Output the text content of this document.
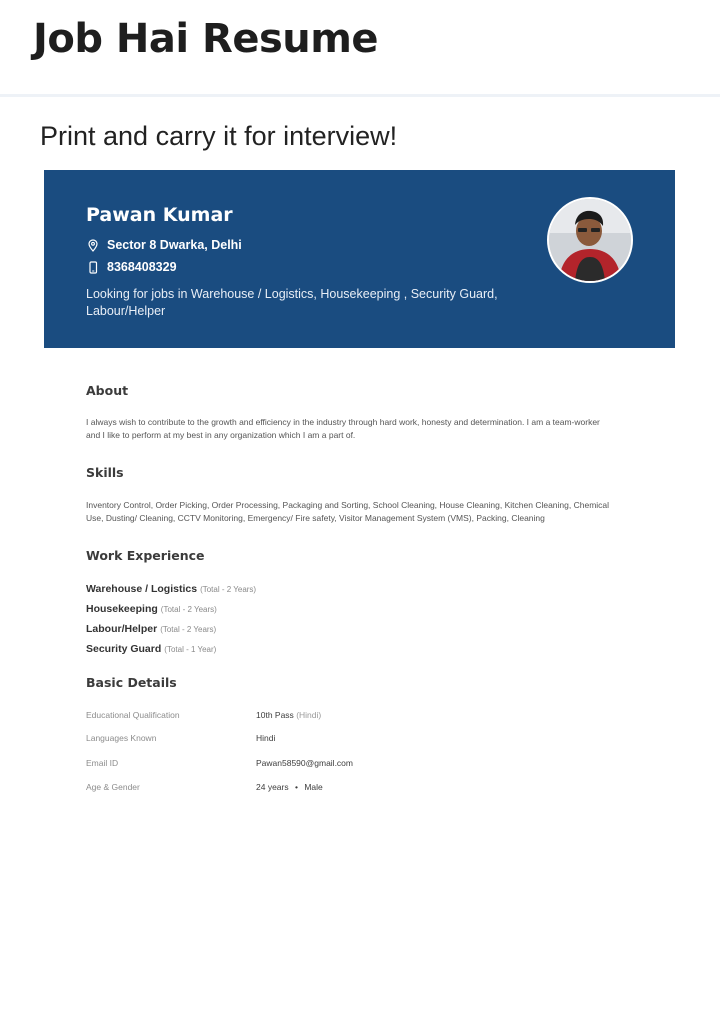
Job Hai Resume
Print and carry it for interview!
Pawan Kumar
Sector 8 Dwarka, Delhi
8368408329
Looking for jobs in Warehouse / Logistics, Housekeeping , Security Guard, Labour/Helper
About
I always wish to contribute to the growth and efficiency in the industry through hard work, honesty and determination. I am a team-worker and I like to perform at my best in any organization which I am a part of.
Skills
Inventory Control, Order Picking, Order Processing, Packaging and Sorting, School Cleaning, House Cleaning, Kitchen Cleaning, Chemical Use, Dusting/ Cleaning, CCTV Monitoring, Emergency/ Fire safety, Visitor Management System (VMS), Packing, Cleaning
Work Experience
Warehouse / Logistics (Total - 2 Years)
Housekeeping (Total - 2 Years)
Labour/Helper (Total - 2 Years)
Security Guard (Total - 1 Year)
Basic Details
Educational Qualification	10th Pass (Hindi)
Languages Known	Hindi
Email ID	Pawan58590@gmail.com
Age & Gender	24 years • Male
